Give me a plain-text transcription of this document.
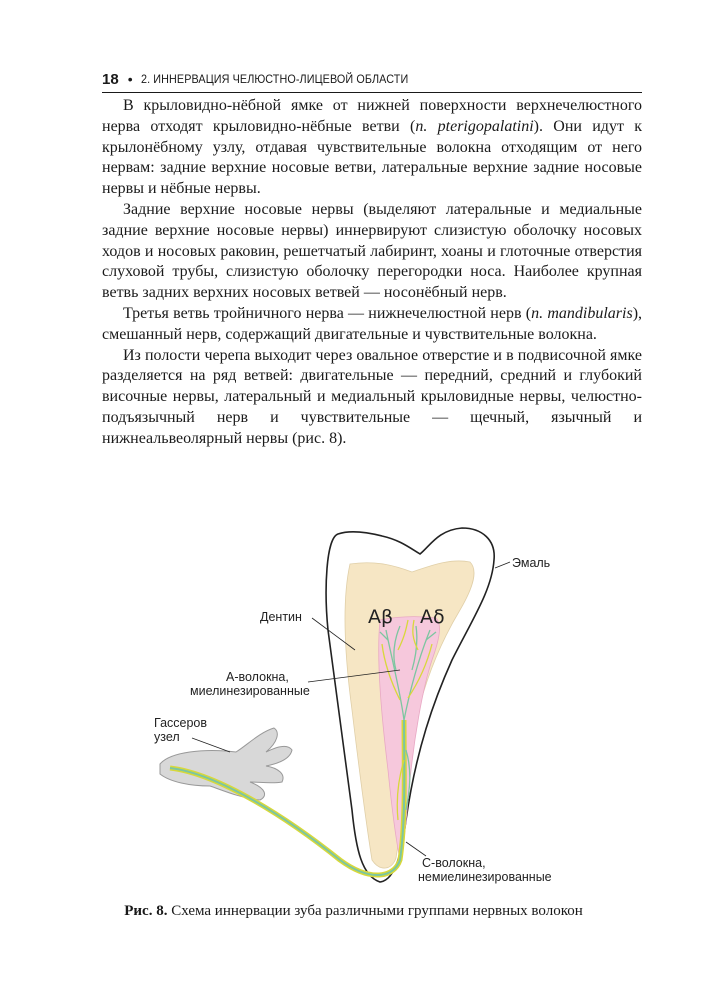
18 • 2. ИННЕРВАЦИЯ ЧЕЛЮСТНО-ЛИЦЕВОЙ ОБЛАСТИ

В крыловидно-нёбной ямке от нижней поверхности верхнечелюстного нерва отходят крыловидно-нёбные ветви (n. pterigopalatini). Они идут к крылонёбному узлу, отдавая чувствительные волокна отходящим от него нервам: задние верхние носовые ветви, латеральные верхние задние носовые нервы и нёбные нервы.

Задние верхние носовые нервы (выделяют латеральные и медиальные задние верхние носовые нервы) иннервируют слизистую оболочку носовых ходов и носовых раковин, решетчатый лабиринт, хоаны и глоточные отверстия слуховой трубы, слизистую оболочку перегородки носа. Наиболее крупная ветвь задних верхних носовых ветвей — носонёбный нерв.

Третья ветвь тройничного нерва — нижнечелюстной нерв (n. mandibularis), смешанный нерв, содержащий двигательные и чувствительные волокна.

Из полости черепа выходит через овальное отверстие и в подвисочной ямке разделяется на ряд ветвей: двигательные — передний, средний и глубокий височные нервы, латеральный и медиальный крыловидные нервы, челюстно-подъязычный нерв и чувствительные — щечный, язычный и нижнеальвеолярный нервы (рис. 8).

Aβ Aδ
Эмаль
Дентин
А-волокна,
миелинезированные
Гассеров
узел
С-волокна,
немиелинезированные
Рис. 8. Схема иннервации зуба различными группами нервных волокон
